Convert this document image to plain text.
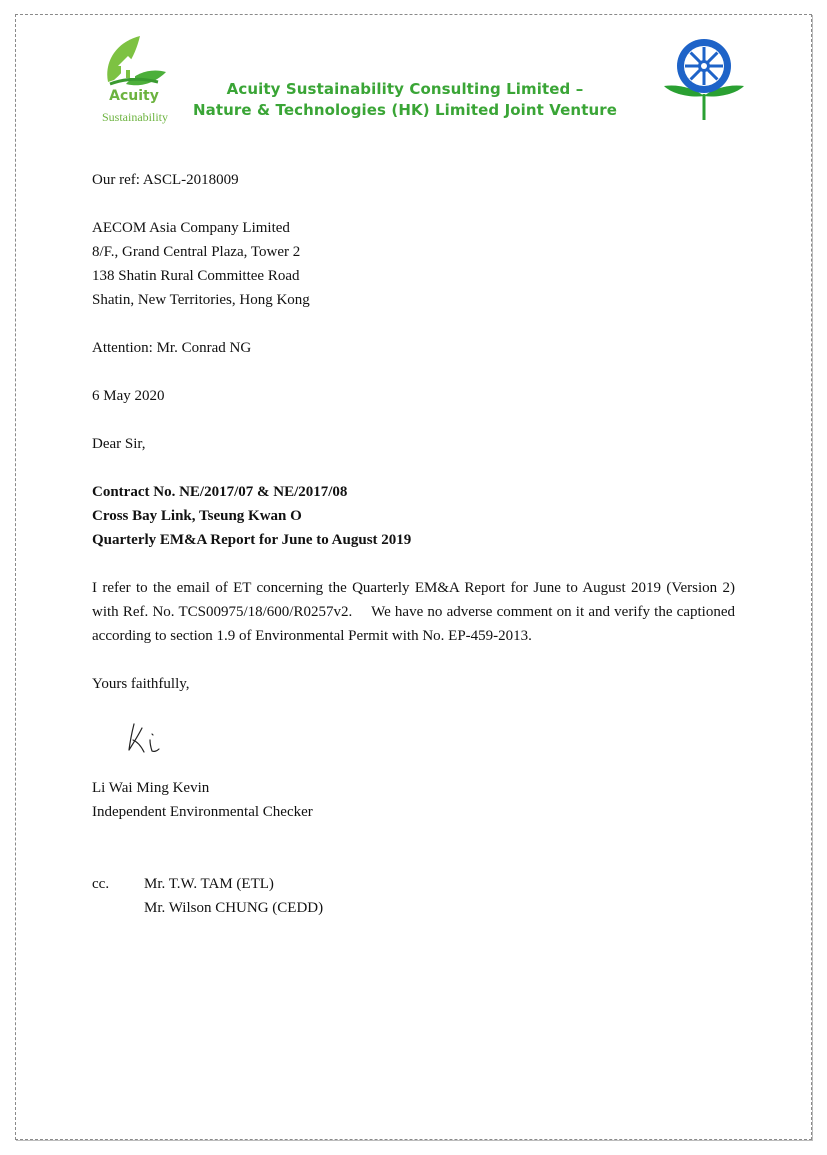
Acuity
Sustainability
Acuity Sustainability Consulting Limited –
Nature & Technologies (HK) Limited Joint Venture
Our ref: ASCL-2018009
AECOM Asia Company Limited
8/F., Grand Central Plaza, Tower 2
138 Shatin Rural Committee Road
Shatin, New Territories, Hong Kong
Attention: Mr. Conrad NG
6 May 2020
Dear Sir,
Contract No. NE/2017/07 & NE/2017/08
Cross Bay Link, Tseung Kwan O
Quarterly EM&A Report for June to August 2019
I refer to the email of ET concerning the Quarterly EM&A Report for June to August 2019 (Version 2) with Ref. No. TCS00975/18/600/R0257v2.  We have no adverse comment on it and verify the captioned according to section 1.9 of Environmental Permit with No. EP-459-2013.
Yours faithfully,
Li Wai Ming Kevin
Independent Environmental Checker
cc. Mr. T.W. TAM (ETL)
Mr. Wilson CHUNG (CEDD)
